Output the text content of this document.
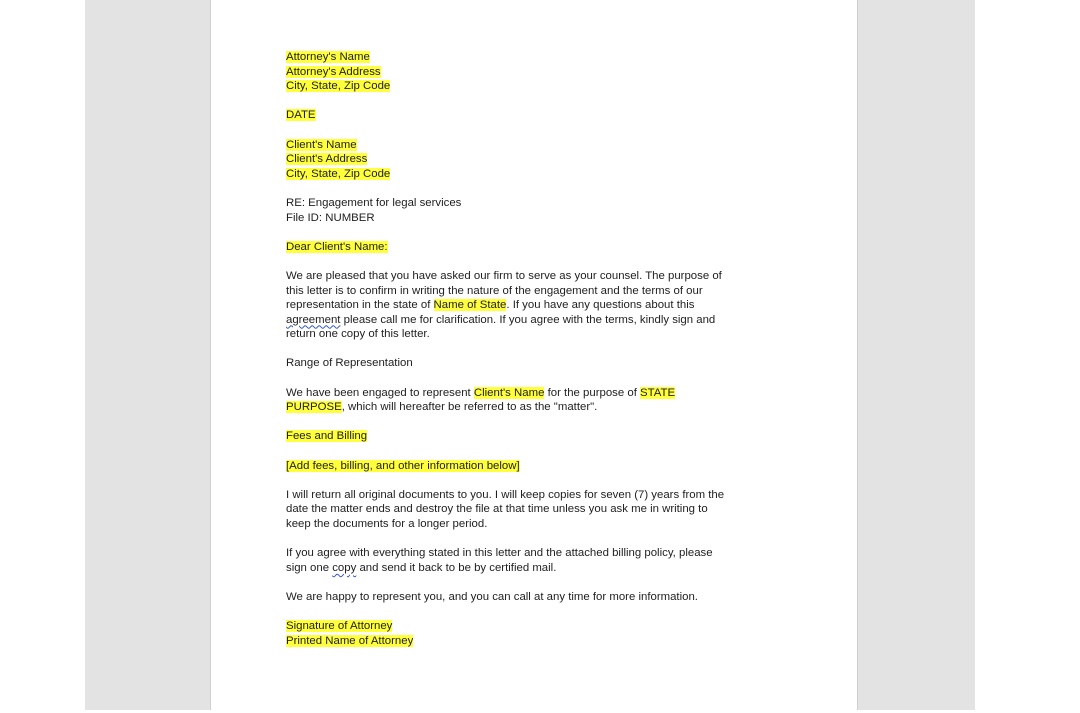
Attorney's Name
Attorney's Address
City, State, Zip Code
DATE
Client's Name
Client's Address
City, State, Zip Code
RE: Engagement for legal services
File ID: NUMBER
Dear Client's Name:
We are pleased that you have asked our firm to serve as your counsel. The purpose of
this letter is to confirm in writing the nature of the engagement and the terms of our
representation in the state of Name of State. If you have any questions about this
agreement please call me for clarification. If you agree with the terms, kindly sign and
return one copy of this letter.
Range of Representation
We have been engaged to represent Client's Name for the purpose of STATE
PURPOSE, which will hereafter be referred to as the "matter".
Fees and Billing
[Add fees, billing, and other information below]
I will return all original documents to you. I will keep copies for seven (7) years from the
date the matter ends and destroy the file at that time unless you ask me in writing to
keep the documents for a longer period.
If you agree with everything stated in this letter and the attached billing policy, please
sign one copy and send it back to be by certified mail.
We are happy to represent you, and you can call at any time for more information.
Signature of Attorney
Printed Name of Attorney
